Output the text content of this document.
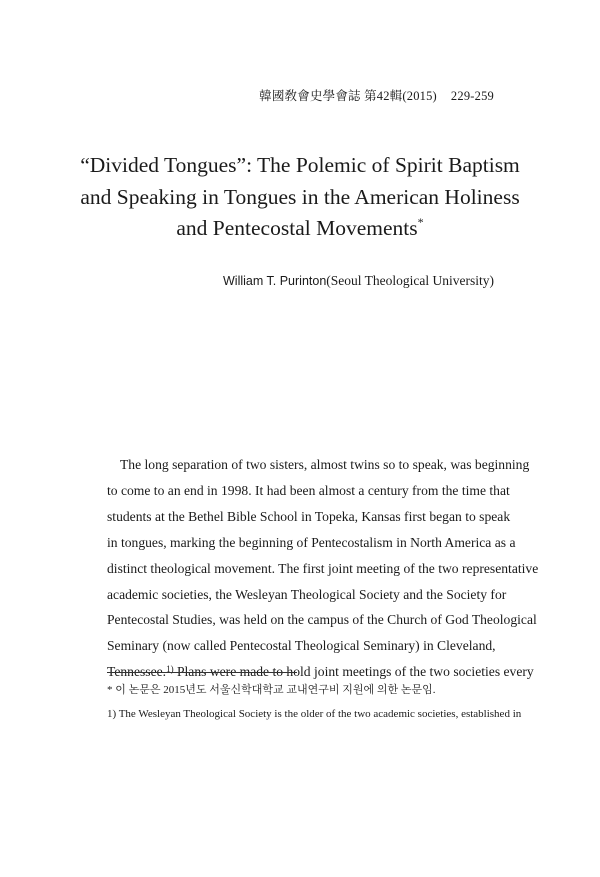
韓國敎會史學會誌 第42輯(2015) 229-259
“Divided Tongues”: The Polemic of Spirit Baptism
and Speaking in Tongues in the American Holiness
and Pentecostal Movements*
William T. Purinton(Seoul Theological University)

The long separation of two sisters, almost twins so to speak, was beginning
to come to an end in 1998. It had been almost a century from the time that
students at the Bethel Bible School in Topeka, Kansas first began to speak
in tongues, marking the beginning of Pentecostalism in North America as a
distinct theological movement. The first joint meeting of the two representative
academic societies, the Wesleyan Theological Society and the Society for
Pentecostal Studies, was held on the campus of the Church of God Theological
Seminary (now called Pentecostal Theological Seminary) in Cleveland,
Tennessee.$^{1)}$ Plans were made to hold joint meetings of the two societies every

* 이 논문은 2015년도 서울신학대학교 교내연구비 지원에 의한 논문임.

1) The Wesleyan Theological Society is the older of the two academic societies, established in
